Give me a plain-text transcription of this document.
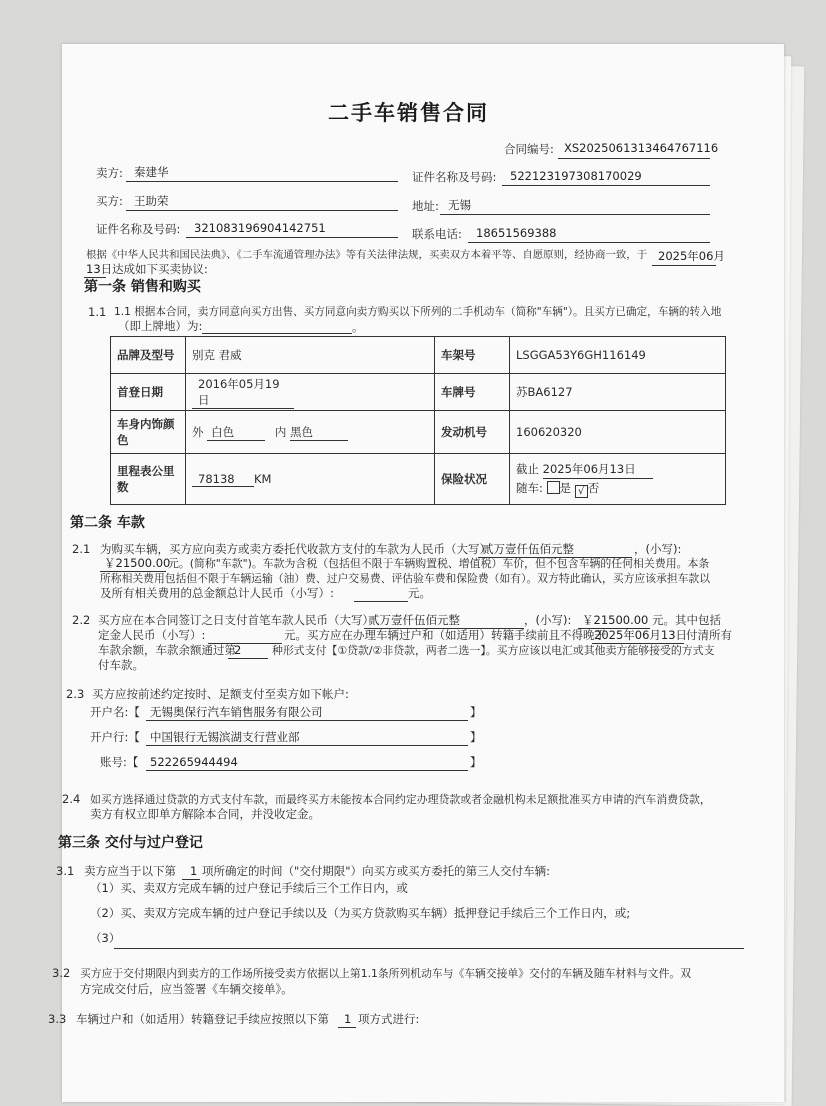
二手车销售合同
合同编号: XS2025061313464767116
卖方: 秦建华	证件名称及号码: 522123197308170029
买方: 王助荣	地址: 无锡
证件名称及号码: 321083196904142751	联系电话: 18651569388
根据《中华人民共和国民法典》、《二手车流通管理办法》等有关法律法规，买卖双方本着平等、自愿原则，经协商一致，于 2025年06月
13日 达成如下买卖协议:
第一条 销售和购买
1.1 1.1 根据本合同，卖方同意向买方出售、买方同意向卖方购买以下所列的二手机动车（简称"车辆"）。且买方已确定，车辆的转入地
（即上牌地）为:	。
品牌及型号	别克 君威	车架号	LSGGA53Y6GH116149
首登日期	2016年05月19日	车牌号	苏BA6127
车身内饰颜色	外 白色 内 黑色	发动机号	160620320
里程表公里数	78138 KM	保险状况	截止 2025年06月13日
随车: 是 √ 否
第二条 车款
2.1 为购买车辆，买方应向卖方或卖方委托代收款方支付的车款为人民币（大写）
贰万壹仟伍佰元整	，(小写):
￥21500.00
元。(简称"车款")。车款为含税（包括但不限于车辆购置税、增值税）车价，但不包含车辆的任何相关费用。本条
所称相关费用包括但不限于车辆运输（油）费、过户交易费、评估验车费和保险费（如有）。双方特此确认，买方应该承担车款以
及所有相关费用的总金额总计人民币（小写）:	元。
2.2 买方应在本合同签订之日支付首笔车款人民币（大写）
贰万壹仟伍佰元整	，(小写): ￥21500.00 元。其中包括
定金人民币（小写）:	元。买方应在办理车辆过户和（如适用）转籍手续前且不得晚于
2025年06月13日
付清所有
车款余额，车款余额通过第
2	种形式支付【①贷款/②非贷款，两者二选一】。买方应该以电汇或其他卖方能够接受的方式支
付车款。
2.3 买方应按前述约定按时、足额支付至卖方如下帐户:
开户名:【 无锡奥保行汽车销售服务有限公司	】
开户行:【 中国银行无锡滨湖支行营业部	】
账号:【 522265944494	】
2.4 如买方选择通过贷款的方式支付车款，而最终买方未能按本合同约定办理贷款或者金融机构未足额批准买方申请的汽车消费贷款，
卖方有权立即单方解除本合同，并没收定金。
第三条 交付与过户登记
3.1 卖方应当于以下第 1 项所确定的时间（"交付期限"）向买方或买方委托的第三人交付车辆:
（1）买、卖双方完成车辆的过户登记手续后三个工作日内，或
（2）买、卖双方完成车辆的过户登记手续以及（为买方贷款购买车辆）抵押登记手续后三个工作日内，或;
（3）
3.2 买方应于交付期限内到卖方的工作场所接受卖方依据以上第1.1条所列机动车与《车辆交接单》交付的车辆及随车材料与文件。双
方完成交付后，应当签署《车辆交接单》。
3.3 车辆过户和（如适用）转籍登记手续应按照以下第 1 项方式进行:
